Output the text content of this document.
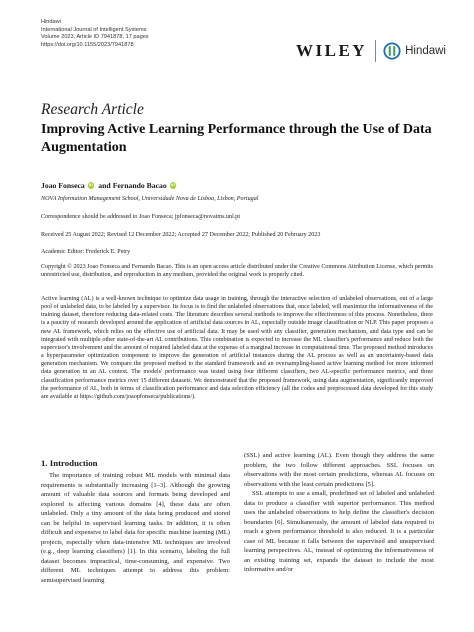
Hindawi
International Journal of Intelligent Systems
Volume 2023, Article ID 7941878, 17 pages
https://doi.org/10.1155/2023/7941878	WILEY	Hindawi
Research Article
Improving Active Learning Performance through the Use of Data Augmentation
Joao Fonseca	iD and Fernando Bacao	iD
NOVA Information Management School, Universidade Nova de Lisboa, Lisbon, Portugal
Correspondence should be addressed to Joao Fonseca; jpfonseca@novaims.unl.pt
Received 25 August 2022; Revised 12 December 2022; Accepted 27 December 2022; Published 20 February 2023
Academic Editor: Frederick E. Petry
Copyright © 2023 Joao Fonseca and Fernando Bacao. This is an open access article distributed under the Creative Commons Attribution License, which permits unrestricted use, distribution, and reproduction in any medium, provided the original work is properly cited.
Active learning (AL) is a well-known technique to optimize data usage in training, through the interactive selection of unlabeled observations, out of a large pool of unlabeled data, to be labeled by a supervisor. Its focus is to find the unlabeled observations that, once labeled, will maximize the informativeness of the training dataset, therefore reducing data-related costs. The literature describes several methods to improve the effectiveness of this process. Nonetheless, there is a paucity of research developed around the application of artificial data sources in AL, especially outside image classification or NLP. This paper proposes a new AL framework, which relies on the effective use of artificial data. It may be used with any classifier, generation mechanism, and data type and can be integrated with multiple other state-of-the-art AL contributions. This combination is expected to increase the ML classifier's performance and reduce both the supervisor's involvement and the amount of required labeled data at the expense of a marginal increase in computational time. The proposed method introduces a hyperparameter optimization component to improve the generation of artificial instances during the AL process as well as an uncertainty-based data generation mechanism. We compare the proposed method to the standard framework and an oversampling-based active learning method for more informed data generation in an AL context. The models' performance was tested using four different classifiers, two AL-specific performance metrics, and three classification performance metrics over 15 different datasets. We demonstrated that the proposed framework, using data augmentation, significantly improved the performance of AL, both in terms of classification performance and data selection efficiency (all the codes and preprocessed data developed for this study are available at https://github.com/joaopfonseca/publications/).
1. Introduction

The importance of training robust ML models with minimal data requirements is substantially increasing [1–3]. Although the growing amount of valuable data sources and formats being developed and explored is affecting various domains [4], these data are often unlabeled. Only a tiny amount of the data being produced and stored can be helpful in supervised learning tasks. In addition, it is often difficult and expensive to label data for specific machine learning (ML) projects, especially when data-intensive ML techniques are involved (e.g., deep learning classifiers) [1]. In this scenario, labeling the full dataset becomes impractical, time-consuming, and expensive. Two different ML techniques attempt to address this problem: semisupervised learning

(SSL) and active learning (AL). Even though they address the same problem, the two follow different approaches. SSL focuses on observations with the most certain predictions, whereas AL focuses on observations with the least certain predictions [5].

SSL attempts to use a small, predefined set of labeled and unlabeled data to produce a classifier with superior performance. This method uses the unlabeled observations to help define the classifier's decision boundaries [6]. Simultaneously, the amount of labeled data required to reach a given performance threshold is also reduced. It is a particular case of ML because it falls between the supervised and unsupervised learning perspectives. AL, instead of optimizing the informativeness of an existing training set, expands the dataset to include the most informative and/or
